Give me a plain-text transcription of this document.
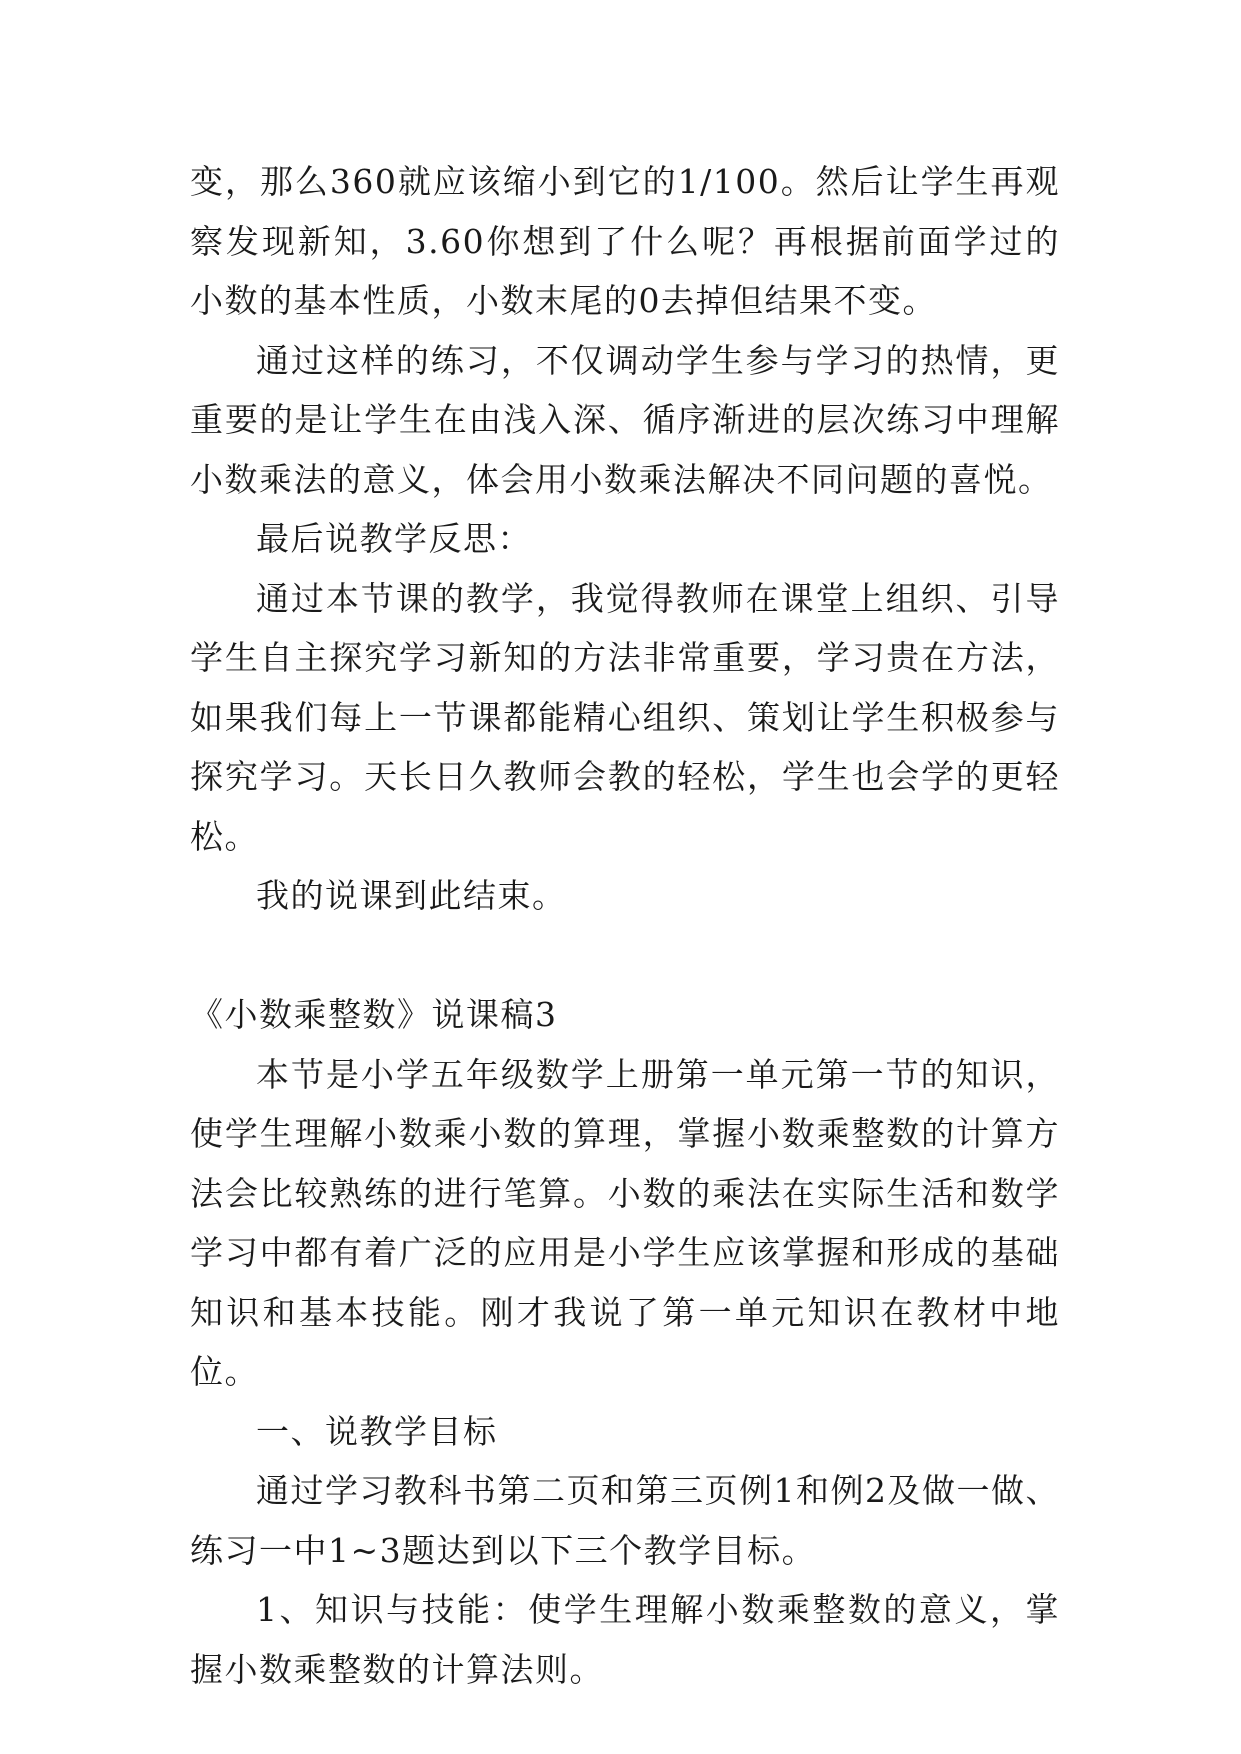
变，那么360就应该缩小到它的1/100。然后让学生再观察发现新知，3.60你想到了什么呢？再根据前面学过的小数的基本性质，小数末尾的0去掉但结果不变。

通过这样的练习，不仅调动学生参与学习的热情，更重要的是让学生在由浅入深、循序渐进的层次练习中理解小数乘法的意义，体会用小数乘法解决不同问题的喜悦。

最后说教学反思：

通过本节课的教学，我觉得教师在课堂上组织、引导学生自主探究学习新知的方法非常重要，学习贵在方法，如果我们每上一节课都能精心组织、策划让学生积极参与探究学习。天长日久教师会教的轻松，学生也会学的更轻松。

我的说课到此结束。

《小数乘整数》说课稿3

本节是小学五年级数学上册第一单元第一节的知识，使学生理解小数乘小数的算理，掌握小数乘整数的计算方法会比较熟练的进行笔算。小数的乘法在实际生活和数学学习中都有着广泛的应用是小学生应该掌握和形成的基础知识和基本技能。刚才我说了第一单元知识在教材中地位。

一、说教学目标

通过学习教科书第二页和第三页例1和例2及做一做、练习一中1~3题达到以下三个教学目标。

1、知识与技能：使学生理解小数乘整数的意义，掌握小数乘整数的计算法则。
